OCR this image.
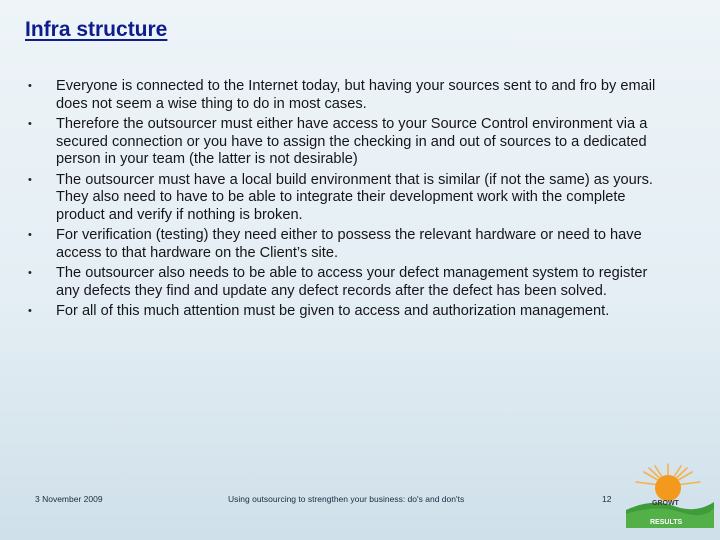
Infra structure
•	Everyone is connected to the Internet today, but having your sources sent to and fro by email does not seem a wise thing to do in most cases.
•	Therefore the outsourcer must either have access to your Source Control environment via a secured connection or you have to assign the checking in and out of sources to a dedicated person in your team (the latter is not desirable)
•	The outsourcer must have a local build environment that is similar (if not the same) as yours. They also need to have to be able to integrate their development work with the complete product and verify if nothing is broken.
•	For verification (testing) they need either to possess the relevant hardware or need to have access to that hardware on the Client’s site.
•	The outsourcer also needs to be able to access your defect management system to register any defects they find and update any defect records after the defect has been solved.
•	For all of this much attention must be given to access and authorization management.
3 November 2009	Using outsourcing to strengthen your business: do's and don'ts	12	GROWT
RESULTS
